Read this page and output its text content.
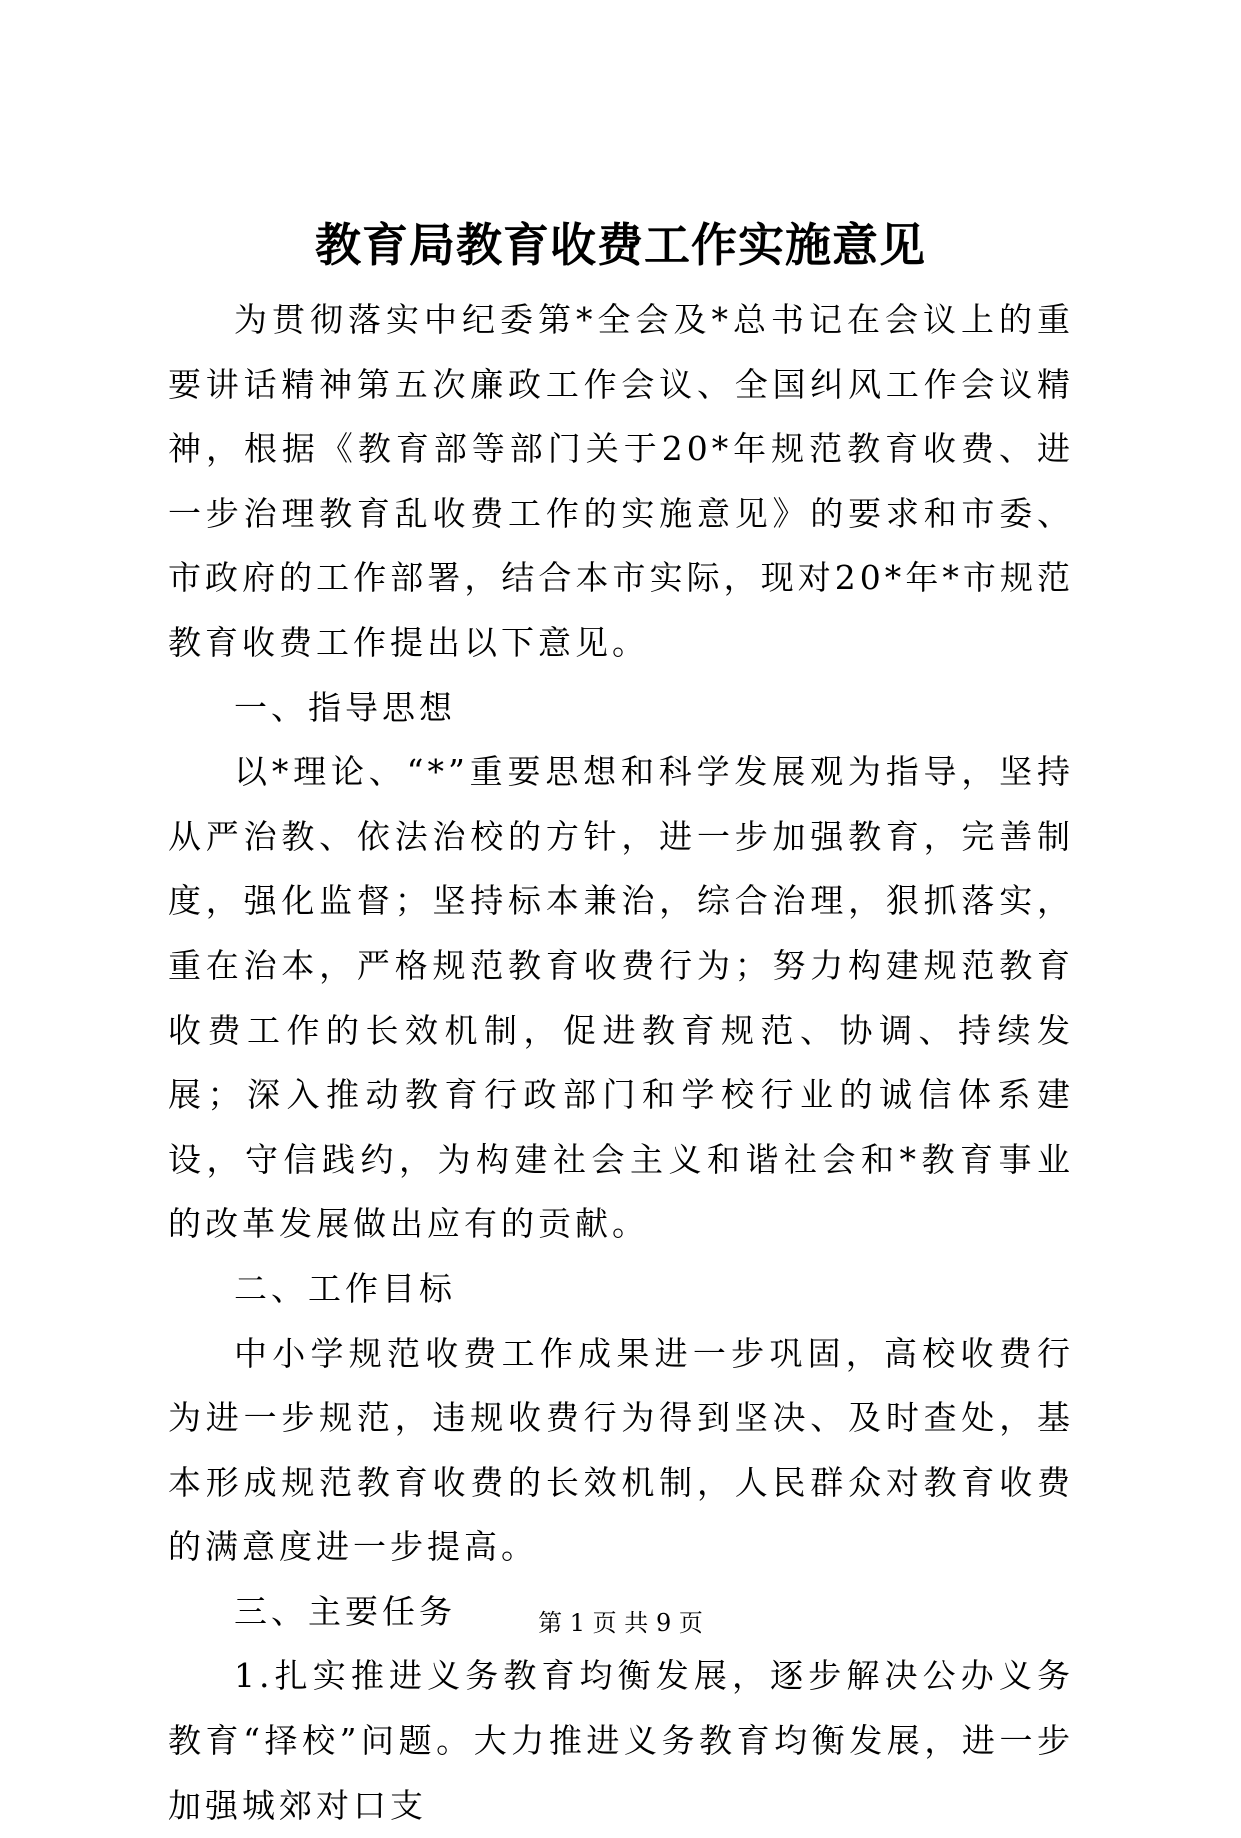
教育局教育收费工作实施意见

为贯彻落实中纪委第*全会及*总书记在会议上的重要讲话精神第五次廉政工作会议、全国纠风工作会议精神，根据《教育部等部门关于20*年规范教育收费、进一步治理教育乱收费工作的实施意见》的要求和市委、市政府的工作部署，结合本市实际，现对20*年*市规范教育收费工作提出以下意见。

一、指导思想

以*理论、“*”重要思想和科学发展观为指导，坚持从严治教、依法治校的方针，进一步加强教育，完善制度，强化监督；坚持标本兼治，综合治理，狠抓落实，重在治本，严格规范教育收费行为；努力构建规范教育收费工作的长效机制，促进教育规范、协调、持续发展；深入推动教育行政部门和学校行业的诚信体系建设，守信践约，为构建社会主义和谐社会和*教育事业的改革发展做出应有的贡献。

二、工作目标

中小学规范收费工作成果进一步巩固，高校收费行为进一步规范，违规收费行为得到坚决、及时查处，基本形成规范教育收费的长效机制，人民群众对教育收费的满意度进一步提高。

三、主要任务

1.扎实推进义务教育均衡发展，逐步解决公办义务教育“择校”问题。大力推进义务教育均衡发展，进一步加强城郊对口支

第 1 页 共 9 页
